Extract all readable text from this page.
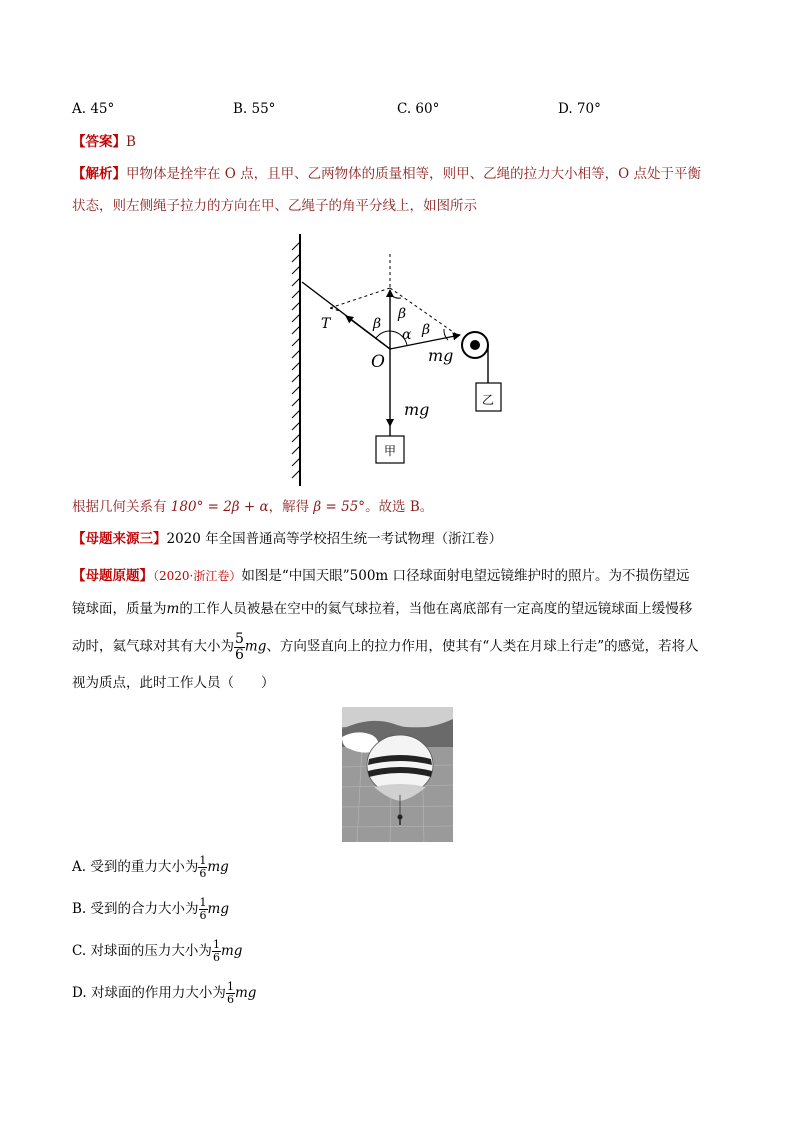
A. 45°	B. 55°	C. 60°	D. 70°
【答案】B
【解析】甲物体是拴牢在 O 点，且甲、乙两物体的质量相等，则甲、乙绳的拉力大小相等，O 点处于平衡
状态，则左侧绳子拉力的方向在甲、乙绳子的角平分线上，如图所示
T	β
β
β
α
O	mg
mg
甲
乙
根据几何关系有 180° = 2β + α，解得 β = 55°。故选 B。
【母题来源三】2020 年全国普通高等学校招生统一考试物理（浙江卷）
【母题原题】（2020·浙江卷）如图是“中国天眼”500m 口径球面射电望远镜维护时的照片。为不损伤望远
镜球面，质量为m的工作人员被悬在空中的氦气球拉着，当他在离底部有一定高度的望远镜球面上缓慢移
动时，氦气球对其有大小为 $\frac{5}{6}$ mg、方向竖直向上的拉力作用，使其有“人类在月球上行走”的感觉，若将人
视为质点，此时工作人员（　　）
A. 受到的重力大小为 $\frac{1}{6}$ mg
B. 受到的合力大小为 $\frac{1}{6}$ mg
C. 对球面的压力大小为 $\frac{1}{6}$ mg
D. 对球面的作用力大小为 $\frac{1}{6}$ mg
